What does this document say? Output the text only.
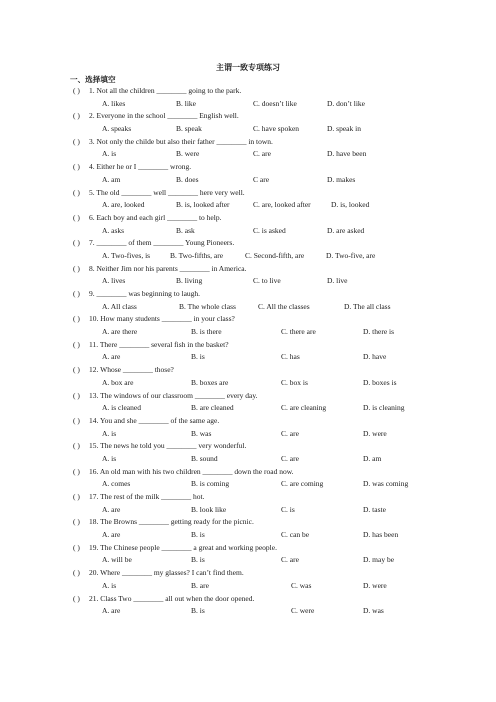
主谓一致专项练习
一、选择填空
( ) 1. Not all the children ________ going to the park.
A. likes	B. like	C. doesn’t like	D. don’t like
( ) 2. Everyone in the school ________ English well.
A. speaks	B. speak	C. have spoken	D. speak in
( ) 3. Not only the childe but also their father ________ in town.
A. is	B. were	C. are	D. have been
( ) 4. Either he or I ________ wrong.
A. am	B. does	C are	D. makes
( ) 5. The old ________ well ________ here very well.
A. are, looked	B. is, looked after	C. are, looked after	D. is, looked
( ) 6. Each boy and each girl ________ to help.
A. asks	B. ask	C. is asked	D. are asked
( ) 7. ________ of them ________ Young Pioneers.
A. Two-fives, is	B. Two-fifths, are	C. Second-fifth, are	D. Two-five, are
( ) 8. Neither Jim nor his parents ________ in America.
A. lives	B. living	C. to live	D. live
( ) 9. ________ was beginning to laugh.
A. All class	B. The whole class	C. All the classes	D. The all class
( ) 10. How many students ________ in your class?
A. are there	B. is there	C. there are	D. there is
( ) 11. There ________ several fish in the basket?
A. are	B. is	C. has	D. have
( ) 12. Whose ________ those?
A. box are	B. boxes are	C. box is	D. boxes is
( ) 13. The windows of our classroom ________ every day.
A. is cleaned	B. are cleaned	C. are cleaning	D. is cleaning
( ) 14. You and she ________ of the same age.
A. is	B. was	C. are	D. were
( ) 15. The news he told you ________ very wonderful.
A. is	B. sound	C. are	D. am
( ) 16. An old man with his two children ________ down the road now.
A. comes	B. is coming	C. are coming	D. was coming
( ) 17. The rest of the milk ________ hot.
A. are	B. look like	C. is	D. taste
( ) 18. The Browns ________ getting ready for the picnic.
A. are	B. is	C. can be	D. has been
( ) 19. The Chinese people ________ a great and working people.
A. will be	B. is	C. are	D. may be
( ) 20. Where ________ my glasses? I can’t find them.
A. is	B. are	C. was	D. were
( ) 21. Class Two ________ all out when the door opened.
A. are	B. is	C. were	D. was
